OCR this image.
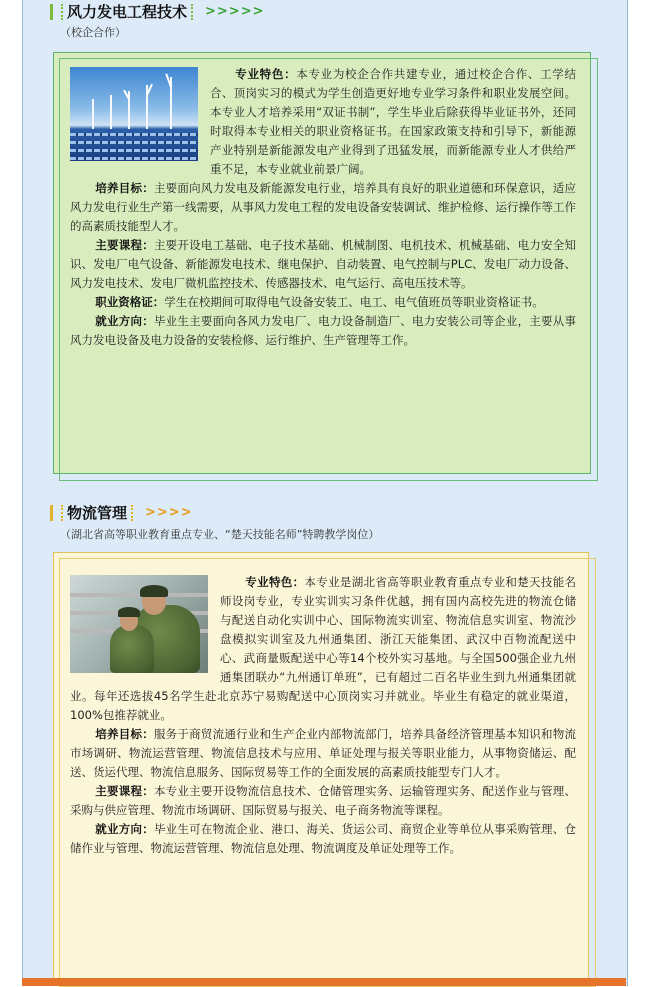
风力发电工程技术 >>>>>
（校企合作）

专业特色：本专业为校企合作共建专业，通过校企合作、工学结合、顶岗实习的模式为学生创造更好地专业学习条件和职业发展空间。本专业人才培养采用“双证书制”，学生毕业后除获得毕业证书外，还同时取得本专业相关的职业资格证书。在国家政策支持和引导下，新能源产业特别是新能源发电产业得到了迅猛发展，而新能源专业人才供给严重不足，本专业就业前景广阔。

培养目标：主要面向风力发电及新能源发电行业，培养具有良好的职业道德和环保意识，适应风力发电行业生产第一线需要，从事风力发电工程的发电设备安装调试、维护检修、运行操作等工作的高素质技能型人才。

主要课程：主要开设电工基础、电子技术基础、机械制图、电机技术、机械基础、电力安全知识、发电厂电气设备、新能源发电技术、继电保护、自动装置、电气控制与PLC、发电厂动力设备、风力发电技术、发电厂微机监控技术、传感器技术、电气运行、高电压技术等。

职业资格证：学生在校期间可取得电气设备安装工、电工、电气值班员等职业资格证书。

就业方向：毕业生主要面向各风力发电厂、电力设备制造厂、电力安装公司等企业，主要从事风力发电设备及电力设备的安装检修、运行维护、生产管理等工作。

物流管理 >>>>
（湖北省高等职业教育重点专业、“楚天技能名师”特聘教学岗位）

专业特色：本专业是湖北省高等职业教育重点专业和楚天技能名师设岗专业，专业实训实习条件优越，拥有国内高校先进的物流仓储与配送自动化实训中心、国际物流实训室、物流信息实训室、物流沙盘模拟实训室及九州通集团、浙江天能集团、武汉中百物流配送中心、武商量贩配送中心等14个校外实习基地。与全国500强企业九州通集团联办“九州通订单班”，已有超过二百名毕业生到九州通集团就业。每年还选拔45名学生赴北京苏宁易购配送中心顶岗实习并就业。毕业生有稳定的就业渠道，100%包推荐就业。

培养目标：服务于商贸流通行业和生产企业内部物流部门，培养具备经济管理基本知识和物流市场调研、物流运营管理、物流信息技术与应用、单证处理与报关等职业能力，从事物资储运、配送、货运代理、物流信息服务、国际贸易等工作的全面发展的高素质技能型专门人才。

主要课程：本专业主要开设物流信息技术、仓储管理实务、运输管理实务、配送作业与管理、采购与供应管理、物流市场调研、国际贸易与报关、电子商务物流等课程。

就业方向：毕业生可在物流企业、港口、海关、货运公司、商贸企业等单位从事采购管理、仓储作业与管理、物流运营管理、物流信息处理、物流调度及单证处理等工作。
